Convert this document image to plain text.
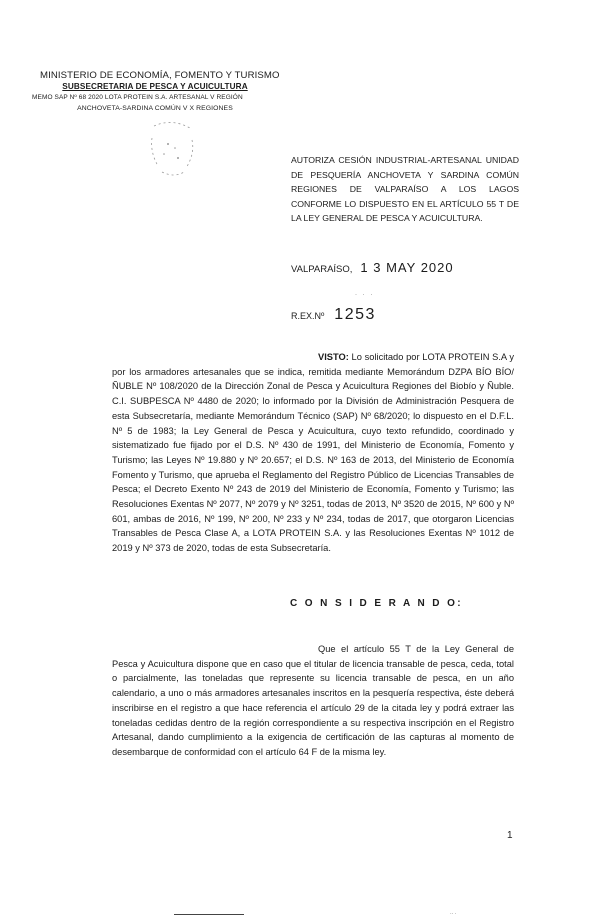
MINISTERIO DE ECONOMÍA, FOMENTO Y TURISMO
SUBSECRETARIA DE PESCA Y ACUICULTURA
MEMO SAP Nº 68 2020 LOTA PROTEIN S.A. ARTESANAL V REGIÓN
ANCHOVETA-SARDINA COMÚN V X REGIONES
AUTORIZA CESIÓN INDUSTRIAL-ARTESANAL UNIDAD DE PESQUERÍA ANCHOVETA Y SARDINA COMÚN REGIONES DE VALPARAÍSO A LOS LAGOS CONFORME LO DISPUESTO EN EL ARTÍCULO 55 T DE LA LEY GENERAL DE PESCA Y ACUICULTURA.
VALPARAÍSO, 1 3 MAY 2020
· · ·
R.EX.Nº 1253
VISTO: Lo solicitado por LOTA PROTEIN S.A y por los armadores artesanales que se indica, remitida mediante Memorándum DZPA BÍO BÍO/ÑUBLE Nº 108/2020 de la Dirección Zonal de Pesca y Acuicultura Regiones del Biobío y Ñuble. C.I. SUBPESCA Nº 4480 de 2020; lo informado por la División de Administración Pesquera de esta Subsecretaría, mediante Memorándum Técnico (SAP) Nº 68/2020; lo dispuesto en el D.F.L. Nº 5 de 1983; la Ley General de Pesca y Acuicultura, cuyo texto refundido, coordinado y sistematizado fue fijado por el D.S. Nº 430 de 1991, del Ministerio de Economía, Fomento y Turismo; las Leyes Nº 19.880 y Nº 20.657; el D.S. Nº 163 de 2013, del Ministerio de Economía Fomento y Turismo, que aprueba el Reglamento del Registro Público de Licencias Transables de Pesca; el Decreto Exento Nº 243 de 2019 del Ministerio de Economía, Fomento y Turismo; las Resoluciones Exentas Nº 2077, Nº 2079 y Nº 3251, todas de 2013, Nº 3520 de 2015, Nº 600 y Nº 601, ambas de 2016, Nº 199, Nº 200, Nº 233 y Nº 234, todas de 2017, que otorgaron Licencias Transables de Pesca Clase A, a LOTA PROTEIN S.A. y las Resoluciones Exentas Nº 1012 de 2019 y Nº 373 de 2020, todas de esta Subsecretaría.
C O N S I D E R A N D O:
Que el artículo 55 T de la Ley General de Pesca y Acuicultura dispone que en caso que el titular de licencia transable de pesca, ceda, total o parcialmente, las toneladas que represente su licencia transable de pesca, en un año calendario, a uno o más armadores artesanales inscritos en la pesquería respectiva, éste deberá inscribirse en el registro a que hace referencia el artículo 29 de la citada ley y podrá extraer las toneladas cedidas dentro de la región correspondiente a su respectiva inscripción en el Registro Artesanal, dando cumplimiento a la exigencia de certificación de las capturas al momento de desembarque de conformidad con el artículo 64 F de la misma ley.
1
·· ·
